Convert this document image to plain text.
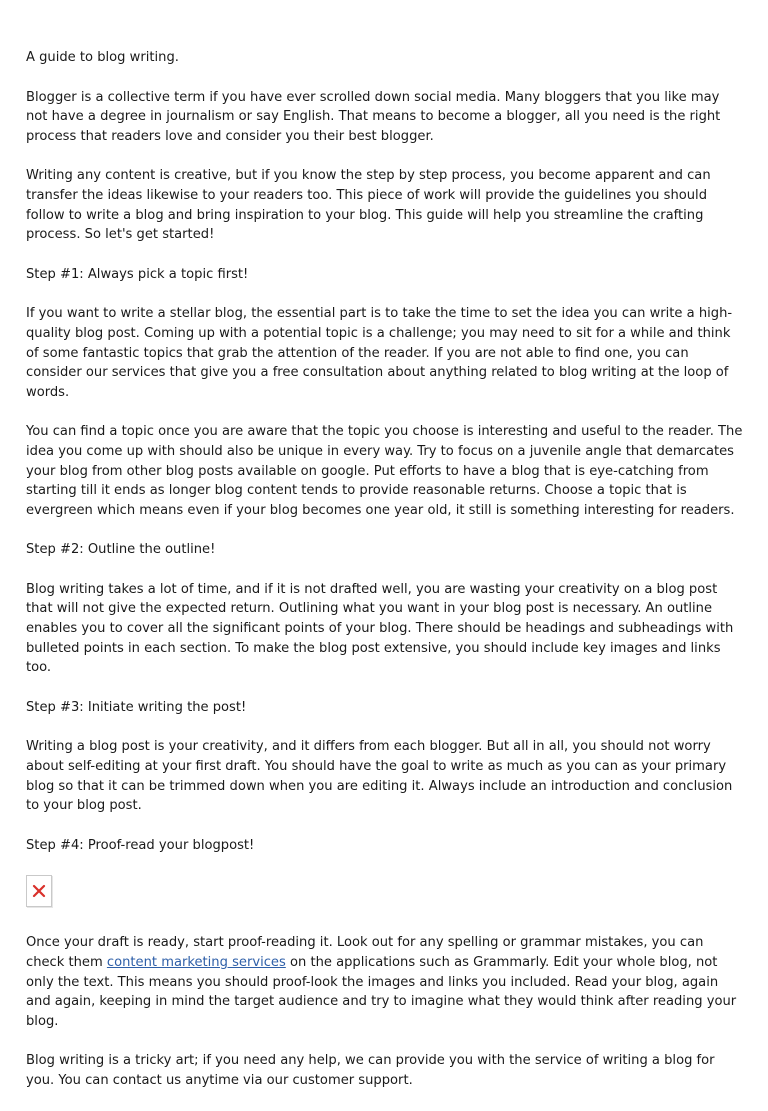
A guide to blog writing.

Blogger is a collective term if you have ever scrolled down social media. Many bloggers that you like may not have a degree in journalism or say English. That means to become a blogger, all you need is the right process that readers love and consider you their best blogger.

Writing any content is creative, but if you know the step by step process, you become apparent and can transfer the ideas likewise to your readers too. This piece of work will provide the guidelines you should follow to write a blog and bring inspiration to your blog. This guide will help you streamline the crafting process. So let's get started!

Step #1: Always pick a topic first!

If you want to write a stellar blog, the essential part is to take the time to set the idea you can write a high-quality blog post. Coming up with a potential topic is a challenge; you may need to sit for a while and think of some fantastic topics that grab the attention of the reader. If you are not able to find one, you can consider our services that give you a free consultation about anything related to blog writing at the loop of words.

You can find a topic once you are aware that the topic you choose is interesting and useful to the reader. The idea you come up with should also be unique in every way. Try to focus on a juvenile angle that demarcates your blog from other blog posts available on google. Put efforts to have a blog that is eye-catching from starting till it ends as longer blog content tends to provide reasonable returns. Choose a topic that is evergreen which means even if your blog becomes one year old, it still is something interesting for readers.

Step #2: Outline the outline!

Blog writing takes a lot of time, and if it is not drafted well, you are wasting your creativity on a blog post that will not give the expected return. Outlining what you want in your blog post is necessary. An outline enables you to cover all the significant points of your blog. There should be headings and subheadings with bulleted points in each section. To make the blog post extensive, you should include key images and links too.

Step #3: Initiate writing the post!

Writing a blog post is your creativity, and it differs from each blogger. But all in all, you should not worry about self-editing at your first draft. You should have the goal to write as much as you can as your primary blog so that it can be trimmed down when you are editing it. Always include an introduction and conclusion to your blog post.

Step #4: Proof-read your blogpost!

Once your draft is ready, start proof-reading it. Look out for any spelling or grammar mistakes, you can check them content marketing services on the applications such as Grammarly. Edit your whole blog, not only the text. This means you should proof-look the images and links you included. Read your blog, again and again, keeping in mind the target audience and try to imagine what they would think after reading your blog.

Blog writing is a tricky art; if you need any help, we can provide you with the service of writing a blog for you. You can contact us anytime via our customer support.
